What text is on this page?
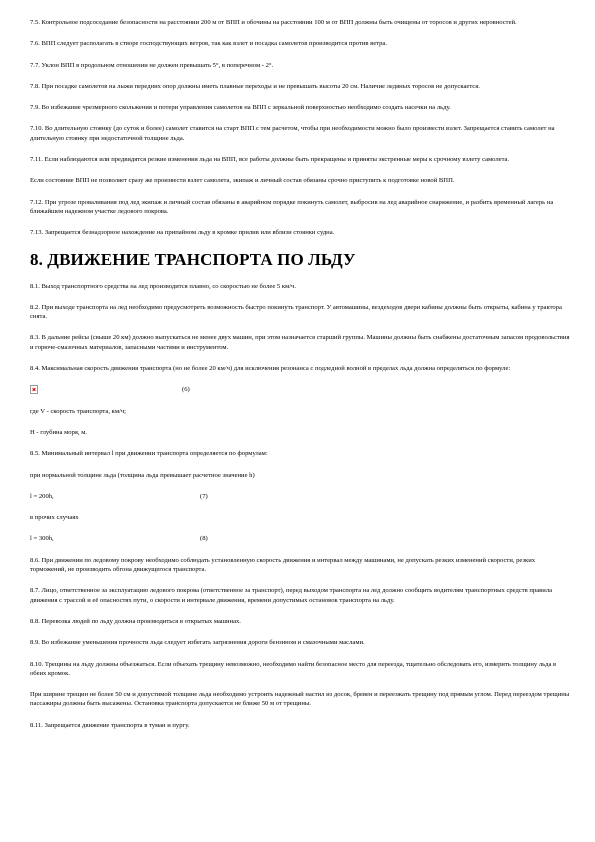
7.5. Контрольное подсоседание безопасности на расстоянии 200 м от ВПП и обочины на расстоянии 100 м от ВПП должны быть очищены от торосов и других неровностей.

7.6. ВПП следует располагать в створе господствующих ветров, так как взлет и посадка самолетов производится против ветра.

7.7. Уклон ВПП в продольном отношении не должен превышать 5°, в поперечном - 2°.

7.8. При посадке самолетов на лыжи передних опор должны иметь плавные переходы и не превышать высоты 20 см. Наличие ледяных торосов не допускается.

7.9. Во избежание чрезмерного скольжения и потери управления самолетов на ВПП с зеркальной поверхностью необходимо создать насечки на льду.

7.10. Во длительную стоянку (до суток и более) самолет ставится на старт ВПП с тем расчетом, чтобы при необходимости можно было произвести взлет. Запрещается ставить самолет на длительную стоянку при недостаточной толщине льда.

7.11. Если наблюдаются или предвидятся резкие изменения льда на ВПП, все работы должны быть прекращены и приняты экстренные меры к срочному взлету самолета.

Если состояние ВПП не позволяет сразу же произвести взлет самолета, экипаж и личный состав обязаны срочно приступить к подготовке новой ВПП.

7.12. При угрозе проваливания под лед экипаж и личный состав обязаны в аварийном порядке покинуть самолет, выбросив на лед аварийное снаряжение, и разбить временный лагерь на ближайшем надежном участке ледового покрова.

7.13. Запрещается безнадзорное нахождение на припайном льду в кромке прилив или вблизи стоянки судна.

8. ДВИЖЕНИЕ ТРАНСПОРТА ПО ЛЬДУ

8.1. Выход транспортного средства на лед производится плавно, со скоростью не более 5 км/ч.

8.2. При выходе транспорта на лед необходимо предусмотреть возможность быстро покинуть транспорт. У автомашины, вездеходов двери кабины должны быть открыты, кабина у трактора снята.

8.3. В дальние рейсы (свыше 20 км) должно выпускаться не менее двух машин, при этом назначается старший группы. Машины должны быть снабжены достаточным запасом продовольствия и горюче-смазочных материалов, запасными частями и инструментом.

8.4. Максимальная скорость движения транспорта (но не более 20 км/ч) для исключения резонанса с подледной волной в пределах льда должна определяться по формуле:

(6)

где V - скорость транспорта, км/ч;

Н - глубина моря, м.

8.5. Минимальный интервал l при движении транспорта определяется по формулам:

при нормальной толщине льда (толщина льда превышает расчетное значение h)

l = 200h,	(7)

в прочих случаях

l = 300h,	(8)

8.6. При движении по ледовому покрову необходимо соблюдать установленную скорость движения и интервал между машинами, не допускать резких изменений скорости, резких торможений, не производить обгона движущегося транспорта.

8.7. Лицо, ответственное за эксплуатацию ледового покрова (ответственное за транспорт), перед выходом транспорта на лед должно сообщить водителям транспортных средств правила движения с трассой и её опасностях пути, о скорости и интервале движения, времени допустимых остановок транспорта на льду.

8.8. Перевозка людей по льду должна производиться в открытых машинах.

8.9. Во избежание уменьшения прочности льда следует избегать загрязнения дороги бензином и смазочными маслами.

8.10. Трещины на льду должны объезжаться. Если объехать трещину невозможно, необходимо найти безопасное место для переезда, тщательно обследовать его, измерить толщину льда в обеих кромок.

При ширине трещин не более 50 см и допустимой толщине льда необходимо устроить надежный настил из досок, бревен и переезжать трещину под прямым углом. Перед переездом трещины пассажиры должны быть высажены. Остановка транспорта допускается не ближе 50 м от трещины.

8.11. Запрещается движение транспорта в туман и пургу.
